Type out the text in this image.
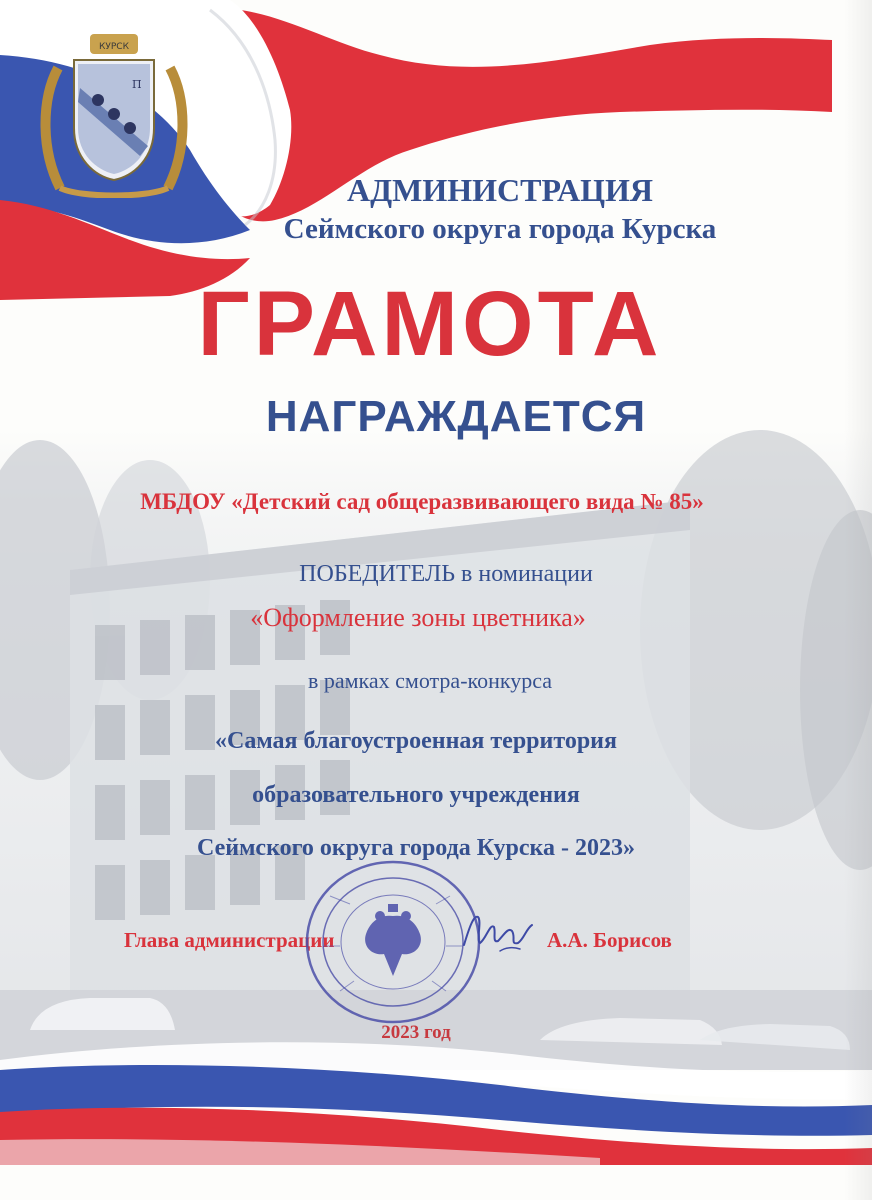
КУРСК
П
АДМИНИСТРАЦИЯ
Сеймского округа города Курска
ГРАМОТА
НАГРАЖДАЕТСЯ
МБДОУ «Детский сад общеразвивающего вида № 85»
ПОБЕДИТЕЛЬ в номинации
«Оформление зоны цветника»
в рамках смотра-конкурса
«Самая благоустроенная территория
образовательного учреждения
Сеймского округа города Курска - 2023»
Глава администрации	А.А. Борисов
2023 год
